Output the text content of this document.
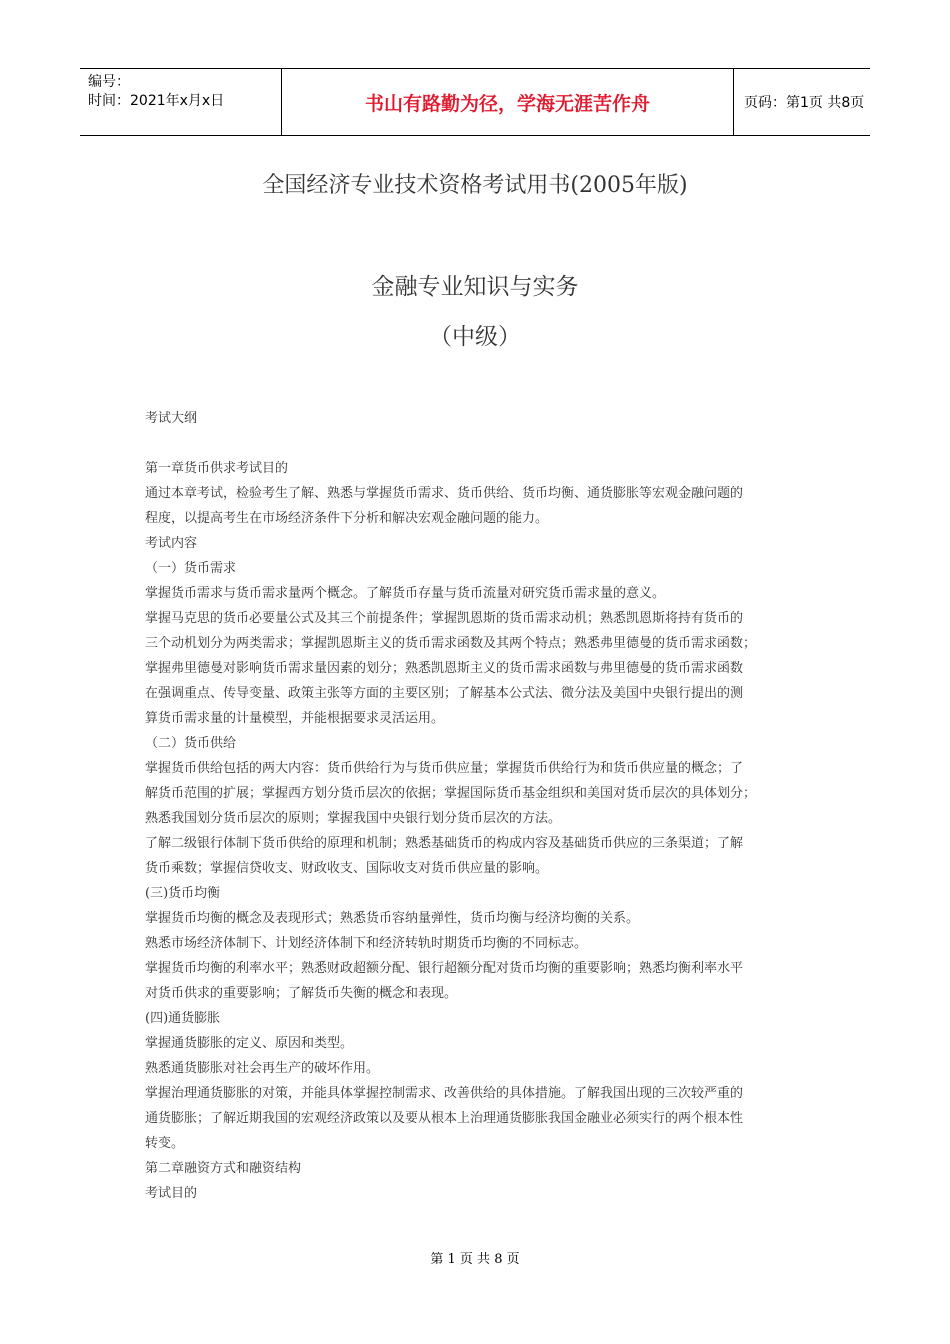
编号：
时间：2021年x月x日	书山有路勤为径，学海无涯苦作舟	页码：第1页 共8页
全国经济专业技术资格考试用书(2005年版)
金融专业知识与实务
（中级）
考试大纲
第一章货币供求考试目的
通过本章考试，检验考生了解、熟悉与掌握货币需求、货币供给、货币均衡、通货膨胀等宏观金融问题的
程度，以提高考生在市场经济条件下分析和解决宏观金融问题的能力。
考试内容
（一）货币需求
掌握货币需求与货币需求量两个概念。了解货币存量与货币流量对研究货币需求量的意义。
掌握马克思的货币必要量公式及其三个前提条件；掌握凯恩斯的货币需求动机；熟悉凯恩斯将持有货币的
三个动机划分为两类需求；掌握凯恩斯主义的货币需求函数及其两个特点；熟悉弗里德曼的货币需求函数；
掌握弗里德曼对影响货币需求量因素的划分；熟悉凯恩斯主义的货币需求函数与弗里德曼的货币需求函数
在强调重点、传导变量、政策主张等方面的主要区别；了解基本公式法、微分法及美国中央银行提出的测
算货币需求量的计量模型，并能根据要求灵活运用。
（二）货币供给
掌握货币供给包括的两大内容：货币供给行为与货币供应量；掌握货币供给行为和货币供应量的概念；了
解货币范围的扩展；掌握西方划分货币层次的依据；掌握国际货币基金组织和美国对货币层次的具体划分；
熟悉我国划分货币层次的原则；掌握我国中央银行划分货币层次的方法。
了解二级银行体制下货币供给的原理和机制；熟悉基础货币的构成内容及基础货币供应的三条渠道；了解
货币乘数；掌握信贷收支、财政收支、国际收支对货币供应量的影响。
(三)货币均衡
掌握货币均衡的概念及表现形式；熟悉货币容纳量弹性，货币均衡与经济均衡的关系。
熟悉市场经济体制下、计划经济体制下和经济转轨时期货币均衡的不同标志。
掌握货币均衡的利率水平；熟悉财政超额分配、银行超额分配对货币均衡的重要影响；熟悉均衡利率水平
对货币供求的重要影响；了解货币失衡的概念和表现。
(四)通货膨胀
掌握通货膨胀的定义、原因和类型。
熟悉通货膨胀对社会再生产的破坏作用。
掌握治理通货膨胀的对策，并能具体掌握控制需求、改善供给的具体措施。了解我国出现的三次较严重的
通货膨胀；了解近期我国的宏观经济政策以及要从根本上治理通货膨胀我国金融业必须实行的两个根本性
转变。
第二章融资方式和融资结构
考试目的
第 1 页 共 8 页
